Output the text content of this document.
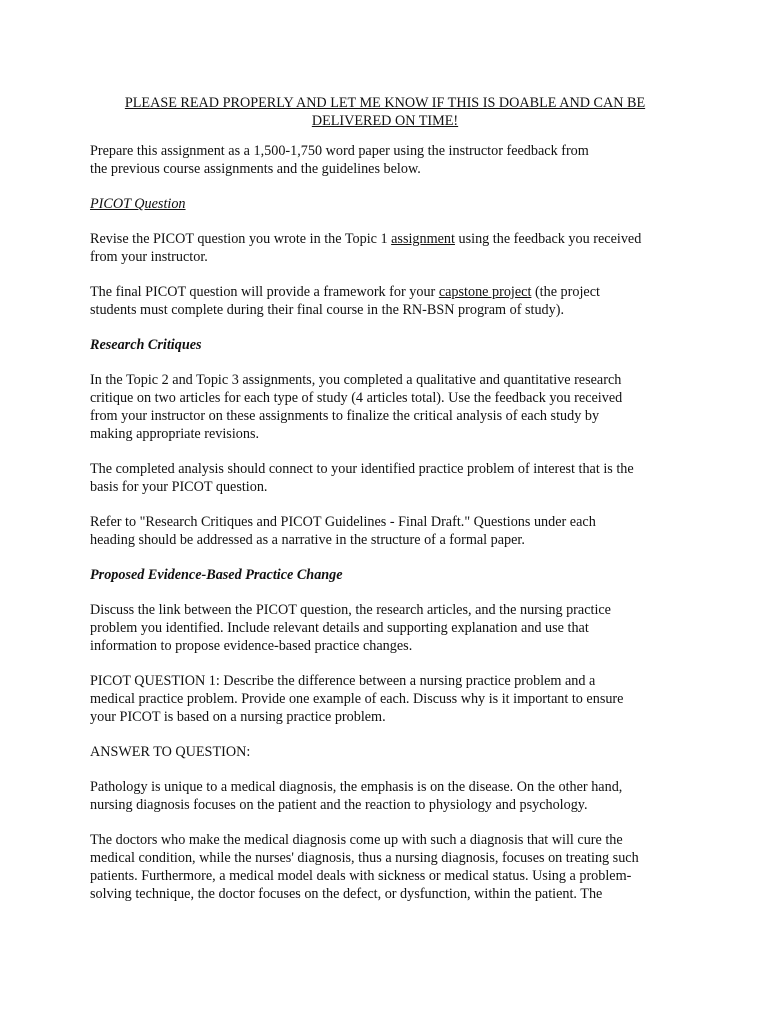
PLEASE READ PROPERLY AND LET ME KNOW IF THIS IS DOABLE AND CAN BE
DELIVERED ON TIME!

Prepare this assignment as a 1,500-1,750 word paper using the instructor feedback from
the previous course assignments and the guidelines below.

PICOT Question

Revise the PICOT question you wrote in the Topic 1 assignment using the feedback you received
from your instructor.

The final PICOT question will provide a framework for your capstone project (the project
students must complete during their final course in the RN-BSN program of study).

Research Critiques

In the Topic 2 and Topic 3 assignments, you completed a qualitative and quantitative research
critique on two articles for each type of study (4 articles total). Use the feedback you received
from your instructor on these assignments to finalize the critical analysis of each study by
making appropriate revisions.

The completed analysis should connect to your identified practice problem of interest that is the
basis for your PICOT question.

Refer to "Research Critiques and PICOT Guidelines - Final Draft." Questions under each
heading should be addressed as a narrative in the structure of a formal paper.

Proposed Evidence-Based Practice Change

Discuss the link between the PICOT question, the research articles, and the nursing practice
problem you identified. Include relevant details and supporting explanation and use that
information to propose evidence-based practice changes.

PICOT QUESTION 1: Describe the difference between a nursing practice problem and a
medical practice problem. Provide one example of each. Discuss why is it important to ensure
your PICOT is based on a nursing practice problem.

ANSWER TO QUESTION:

Pathology is unique to a medical diagnosis, the emphasis is on the disease. On the other hand,
nursing diagnosis focuses on the patient and the reaction to physiology and psychology.

The doctors who make the medical diagnosis come up with such a diagnosis that will cure the
medical condition, while the nurses' diagnosis, thus a nursing diagnosis, focuses on treating such
patients. Furthermore, a medical model deals with sickness or medical status. Using a problem-
solving technique, the doctor focuses on the defect, or dysfunction, within the patient. The
